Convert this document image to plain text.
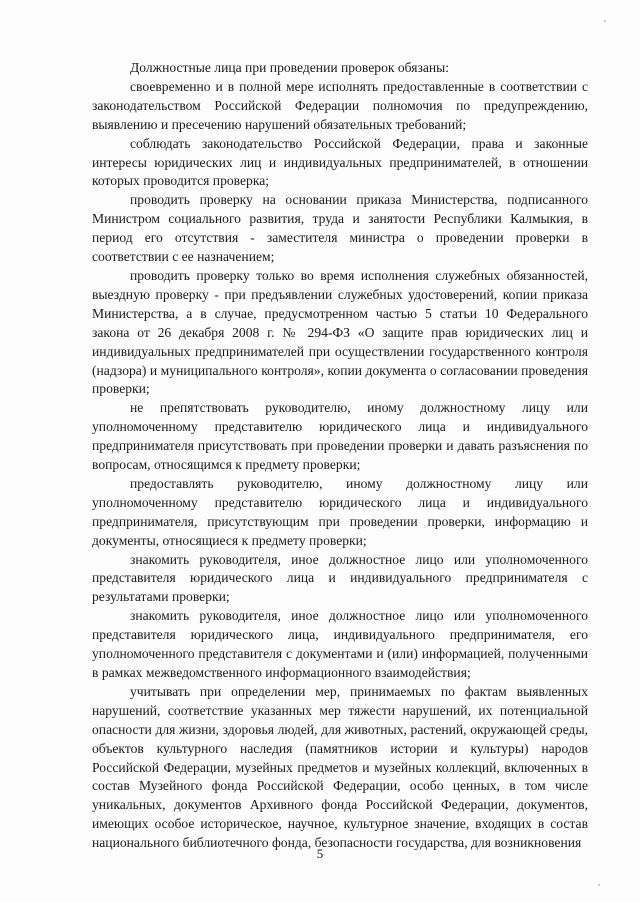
Должностные лица при проведении проверок обязаны:

своевременно и в полной мере исполнять предоставленные в соответствии с законодательством Российской Федерации полномочия по предупреждению, выявлению и пресечению нарушений обязательных требований;

соблюдать законодательство Российской Федерации, права и законные интересы юридических лиц и индивидуальных предпринимателей, в отношении которых проводится проверка;

проводить проверку на основании приказа Министерства, подписанного Министром социального развития, труда и занятости Республики Калмыкия, в период его отсутствия - заместителя министра о проведении проверки в соответствии с ее назначением;

проводить проверку только во время исполнения служебных обязанностей, выездную проверку - при предъявлении служебных удостоверений, копии приказа Министерства, а в случае, предусмотренном частью 5 статьи 10 Федерального закона от 26 декабря 2008 г. № 294-ФЗ «О защите прав юридических лиц и индивидуальных предпринимателей при осуществлении государственного контроля (надзора) и муниципального контроля», копии документа о согласовании проведения проверки;

не препятствовать руководителю, иному должностному лицу или уполномоченному представителю юридического лица и индивидуального предпринимателя присутствовать при проведении проверки и давать разъяснения по вопросам, относящимся к предмету проверки;

предоставлять руководителю, иному должностному лицу или уполномоченному представителю юридического лица и индивидуального предпринимателя, присутствующим при проведении проверки, информацию и документы, относящиеся к предмету проверки;

знакомить руководителя, иное должностное лицо или уполномоченного представителя юридического лица и индивидуального предпринимателя с результатами проверки;

знакомить руководителя, иное должностное лицо или уполномоченного представителя юридического лица, индивидуального предпринимателя, его уполномоченного представителя с документами и (или) информацией, полученными в рамках межведомственного информационного взаимодействия;

учитывать при определении мер, принимаемых по фактам выявленных нарушений, соответствие указанных мер тяжести нарушений, их потенциальной опасности для жизни, здоровья людей, для животных, растений, окружающей среды, объектов культурного наследия (памятников истории и культуры) народов Российской Федерации, музейных предметов и музейных коллекций, включенных в состав Музейного фонда Российской Федерации, особо ценных, в том числе уникальных, документов Архивного фонда Российской Федерации, документов, имеющих особое историческое, научное, культурное значение, входящих в состав национального библиотечного фонда, безопасности государства, для возникновения

5
